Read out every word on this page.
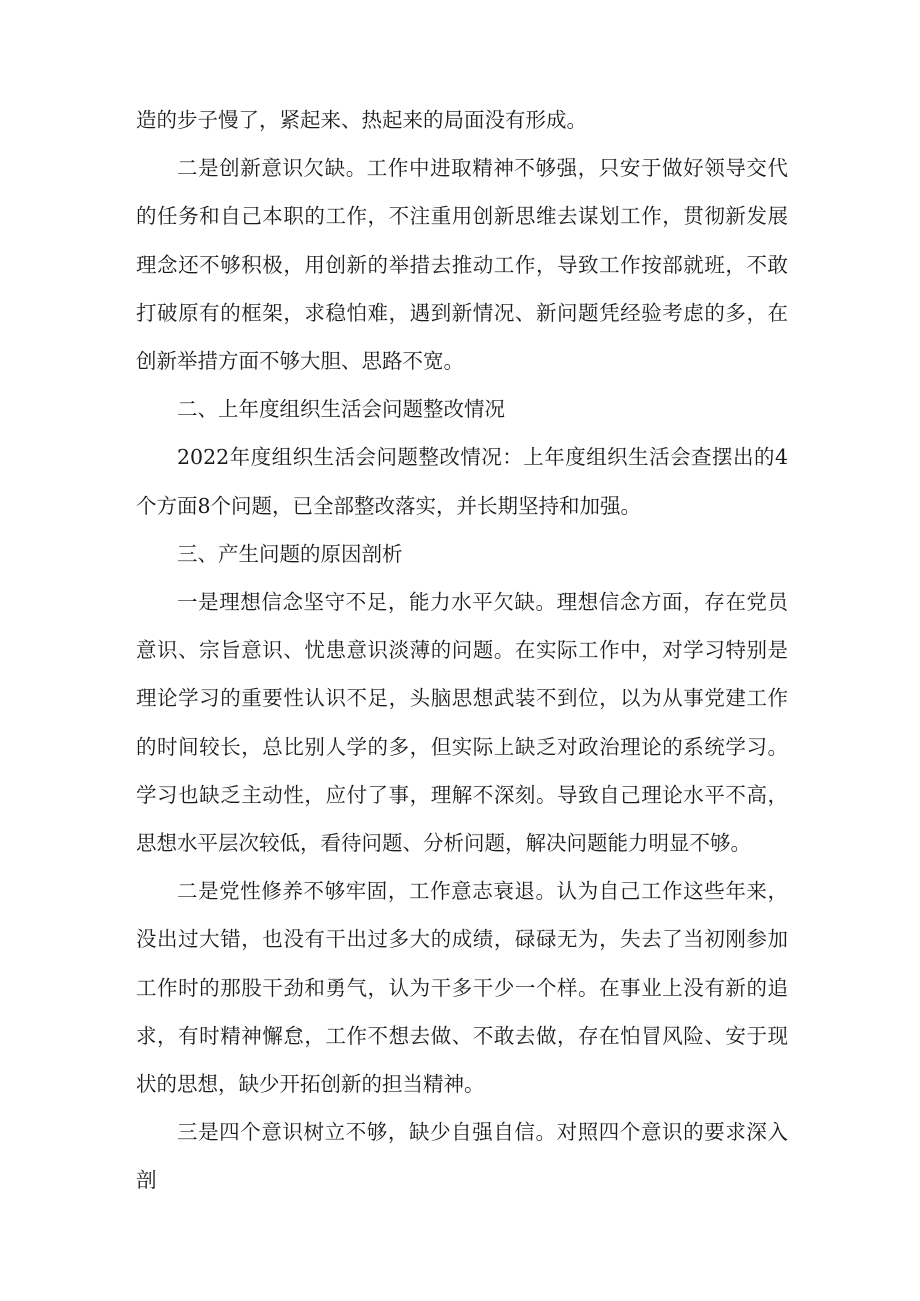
造的步子慢了，紧起来、热起来的局面没有形成。

二是创新意识欠缺。工作中进取精神不够强，只安于做好领导交代的任务和自己本职的工作，不注重用创新思维去谋划工作，贯彻新发展理念还不够积极，用创新的举措去推动工作，导致工作按部就班，不敢打破原有的框架，求稳怕难，遇到新情况、新问题凭经验考虑的多，在创新举措方面不够大胆、思路不宽。

二、上年度组织生活会问题整改情况

2022年度组织生活会问题整改情况：上年度组织生活会查摆出的4个方面8个问题，已全部整改落实，并长期坚持和加强。

三、产生问题的原因剖析

一是理想信念坚守不足，能力水平欠缺。理想信念方面，存在党员意识、宗旨意识、忧患意识淡薄的问题。在实际工作中，对学习特别是理论学习的重要性认识不足，头脑思想武装不到位，以为从事党建工作的时间较长，总比别人学的多，但实际上缺乏对政治理论的系统学习。学习也缺乏主动性，应付了事，理解不深刻。导致自己理论水平不高，思想水平层次较低，看待问题、分析问题，解决问题能力明显不够。

二是党性修养不够牢固，工作意志衰退。认为自己工作这些年来，没出过大错，也没有干出过多大的成绩，碌碌无为，失去了当初刚参加工作时的那股干劲和勇气，认为干多干少一个样。在事业上没有新的追求，有时精神懈怠，工作不想去做、不敢去做，存在怕冒风险、安于现状的思想，缺少开拓创新的担当精神。

三是四个意识树立不够，缺少自强自信。对照四个意识的要求深入剖
